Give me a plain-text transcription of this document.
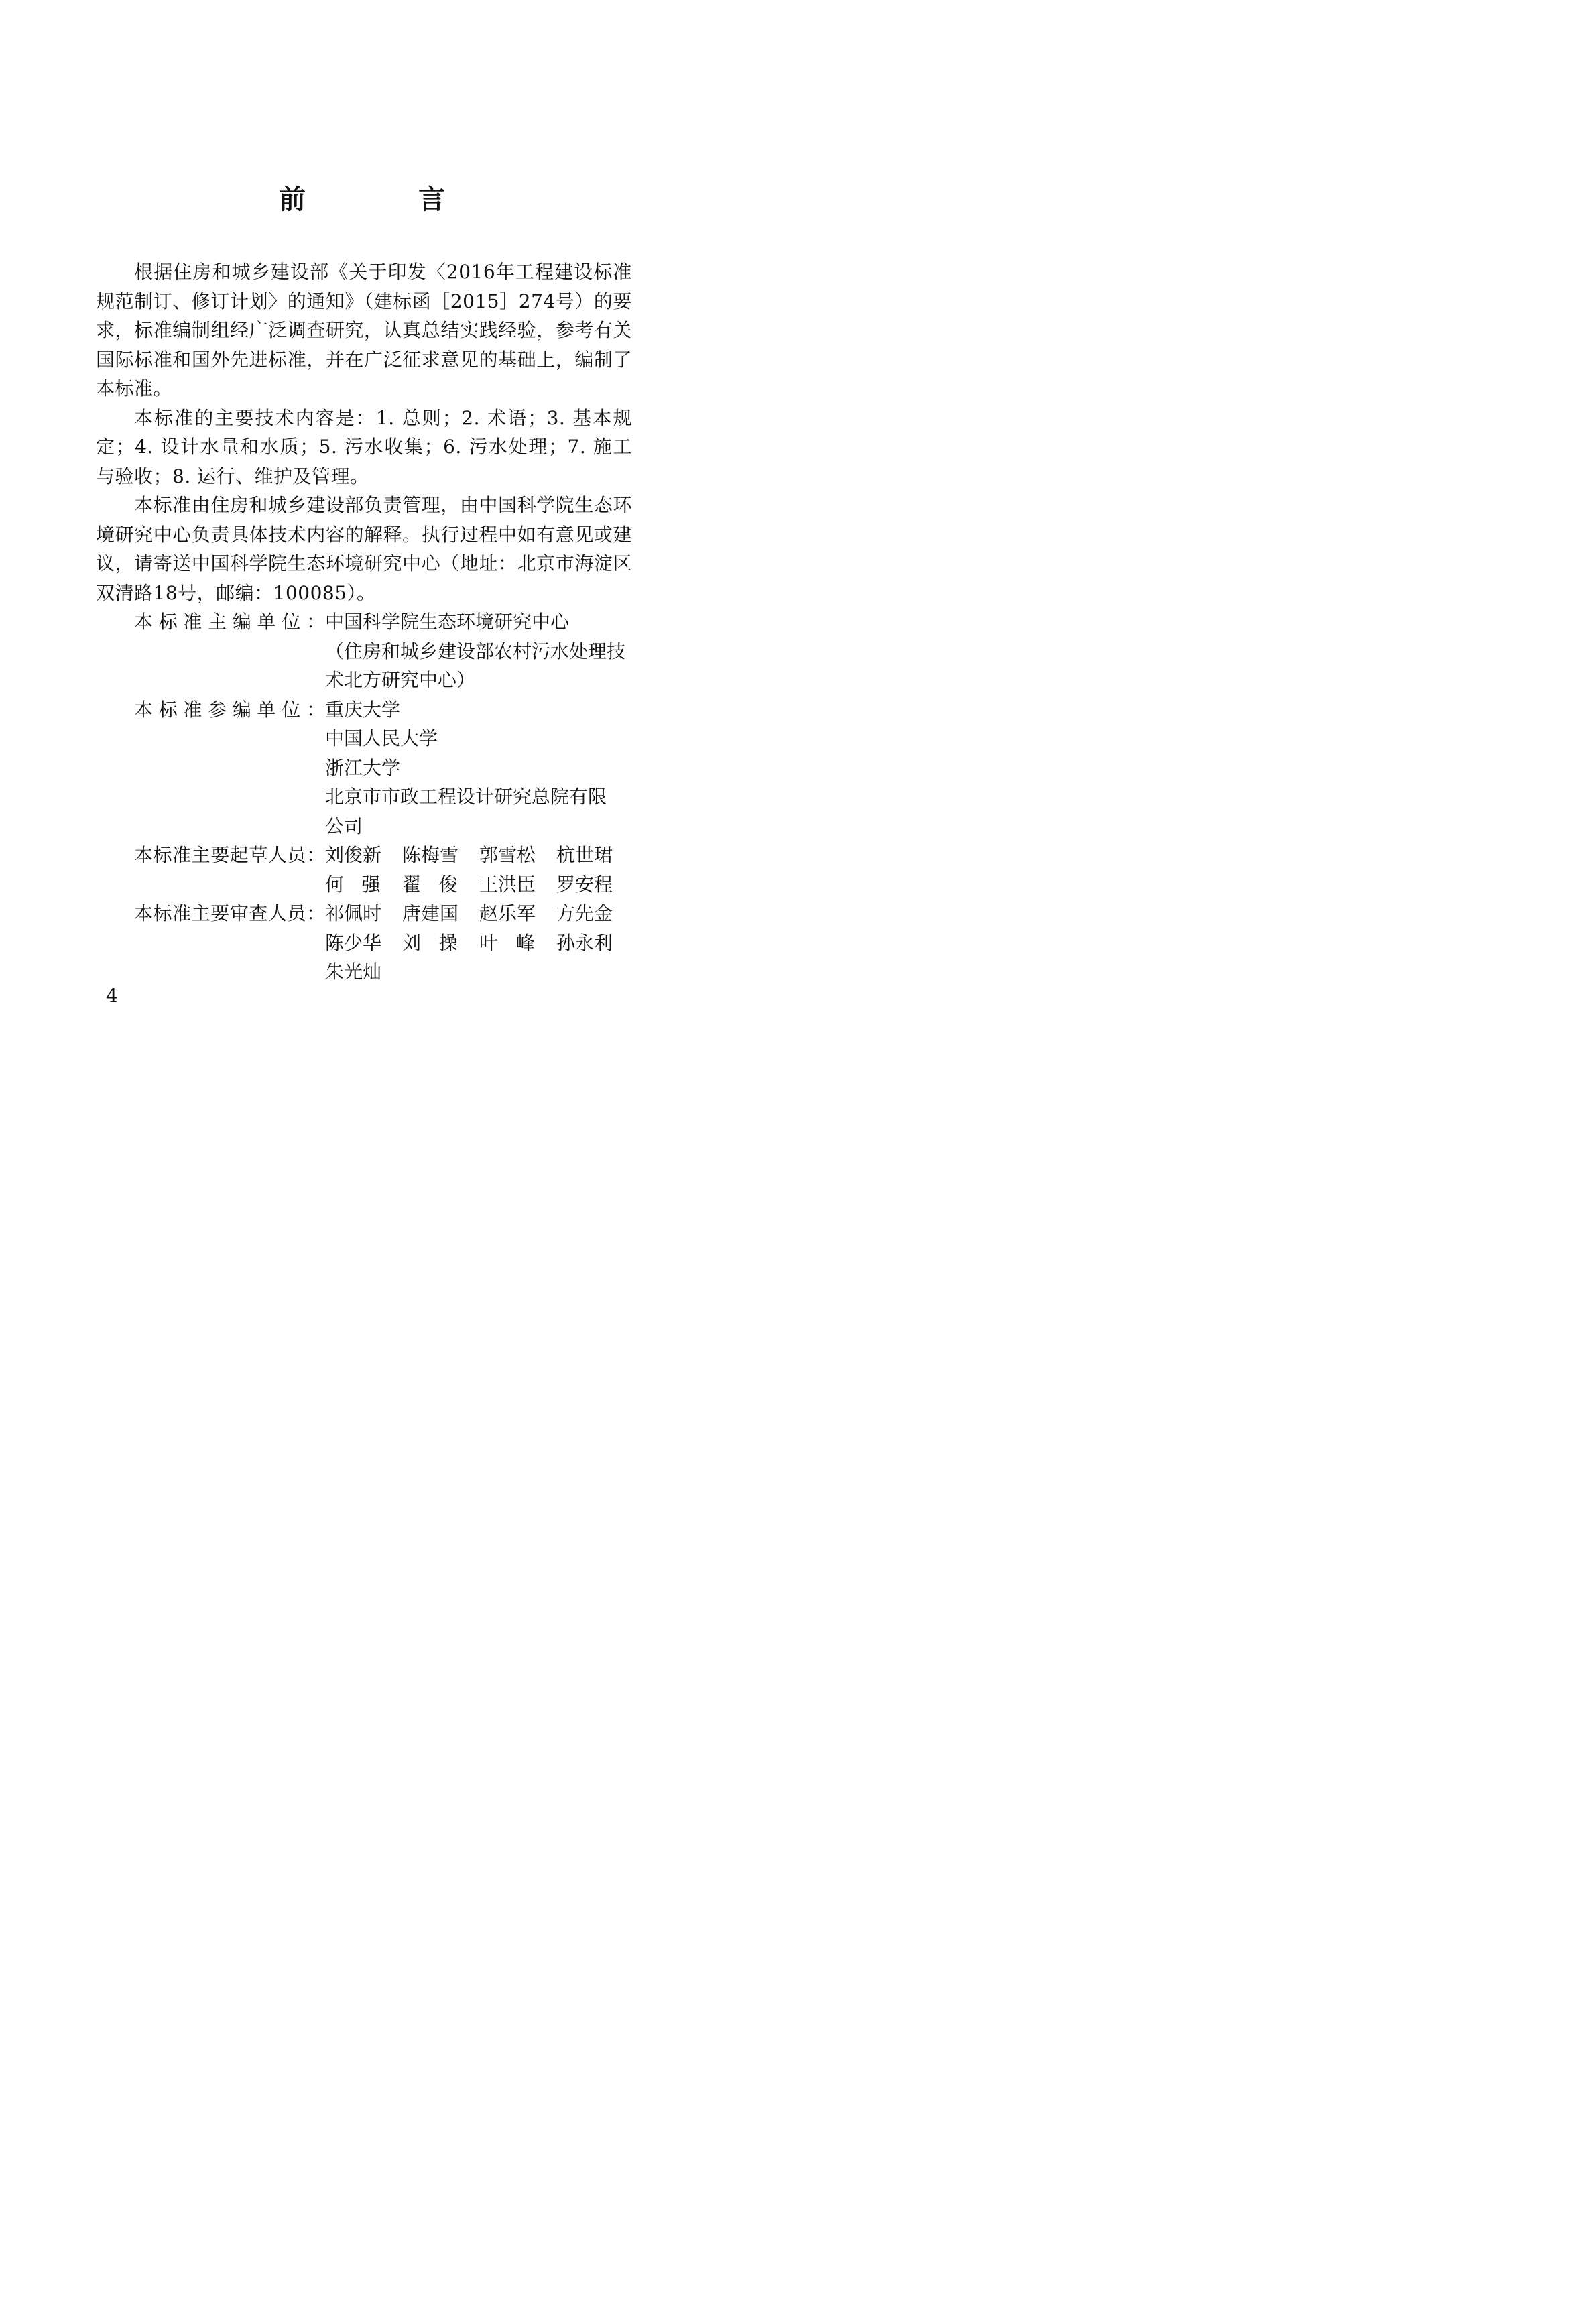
前　言

根据住房和城乡建设部《关于印发〈2016年工程建设标准规范制订、修订计划〉的通知》（建标函［2015］274号）的要求，标准编制组经广泛调查研究，认真总结实践经验，参考有关国际标准和国外先进标准，并在广泛征求意见的基础上，编制了本标准。

本标准的主要技术内容是：1. 总则；2. 术语；3. 基本规定；4. 设计水量和水质；5. 污水收集；6. 污水处理；7. 施工与验收；8. 运行、维护及管理。

本标准由住房和城乡建设部负责管理，由中国科学院生态环境研究中心负责具体技术内容的解释。执行过程中如有意见或建议，请寄送中国科学院生态环境研究中心（地址：北京市海淀区双清路18号，邮编：100085）。

本标准主编单位： 中国科学院生态环境研究中心
（住房和城乡建设部农村污水处理技
术北方研究中心）
本标准参编单位： 重庆大学
中国人民大学
浙江大学
北京市市政工程设计研究总院有限
公司
本标准主要起草人员： 刘俊新	陈梅雪	郭雪松	杭世珺
何强 翟俊 王洪臣	罗安程
本标准主要审查人员： 祁佩时	唐建国	赵乐军	方先金
陈少华	刘操 叶峰 孙永利
朱光灿
4
